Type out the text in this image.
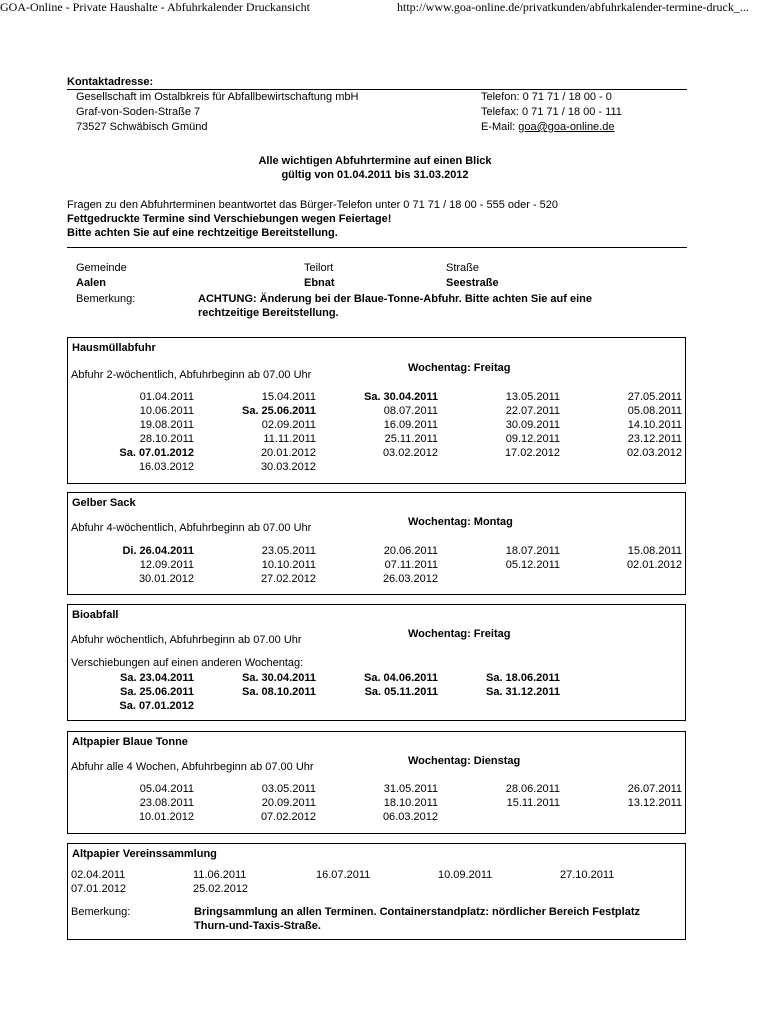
GOA-Online - Private Haushalte - Abfuhrkalender Druckansicht	http://www.goa-online.de/privatkunden/abfuhrkalender-termine-druck_...
Kontaktadresse:
Gesellschaft im Ostalbkreis für Abfallbewirtschaftung mbH
Graf-von-Soden-Straße 7
73527 Schwäbisch Gmünd
Telefon: 0 71 71 / 18 00 - 0
Telefax: 0 71 71 / 18 00 - 111
E-Mail: goa@goa-online.de
Alle wichtigen Abfuhrtermine auf einen Blick
gültig von 01.04.2011 bis 31.03.2012
Fragen zu den Abfuhrterminen beantwortet das Bürger-Telefon unter 0 71 71 / 18 00 - 555 oder - 520
Fettgedruckte Termine sind Verschiebungen wegen Feiertage!
Bitte achten Sie auf eine rechtzeitige Bereitstellung.
Gemeinde	Teilort	Straße
Aalen	Ebnat	Seestraße
Bemerkung:	ACHTUNG: Änderung bei der Blaue-Tonne-Abfuhr. Bitte achten Sie auf eine
rechtzeitige Bereitstellung.
Hausmüllabfuhr
Abfuhr 2-wöchentlich, Abfuhrbeginn ab 07.00 Uhr
Wochentag: Freitag
01.04.2011	15.04.2011	Sa. 30.04.2011	13.05.2011	27.05.2011
10.06.2011	Sa. 25.06.2011	08.07.2011	22.07.2011	05.08.2011
19.08.2011	02.09.2011	16.09.2011	30.09.2011	14.10.2011
28.10.2011	11.11.2011	25.11.2011	09.12.2011	23.12.2011
Sa. 07.01.2012	20.01.2012	03.02.2012	17.02.2012	02.03.2012
16.03.2012	30.03.2012
Gelber Sack
Abfuhr 4-wöchentlich, Abfuhrbeginn ab 07.00 Uhr	Wochentag: Montag
Di. 26.04.2011	23.05.2011	20.06.2011	18.07.2011	15.08.2011
12.09.2011	10.10.2011	07.11.2011	05.12.2011	02.01.2012
30.01.2012	27.02.2012	26.03.2012
Bioabfall
Abfuhr wöchentlich, Abfuhrbeginn ab 07.00 Uhr	Wochentag: Freitag
Verschiebungen auf einen anderen Wochentag:
Sa. 23.04.2011	Sa. 30.04.2011	Sa. 04.06.2011	Sa. 18.06.2011
Sa. 25.06.2011	Sa. 08.10.2011	Sa. 05.11.2011	Sa. 31.12.2011
Sa. 07.01.2012
Altpapier Blaue Tonne
Abfuhr alle 4 Wochen, Abfuhrbeginn ab 07.00 Uhr	Wochentag: Dienstag
05.04.2011	03.05.2011	31.05.2011	28.06.2011	26.07.2011
23.08.2011	20.09.2011	18.10.2011	15.11.2011	13.12.2011
10.01.2012	07.02.2012	06.03.2012
Altpapier Vereinssammlung
02.04.2011	11.06.2011	16.07.2011	10.09.2011	27.10.2011
07.01.2012	25.02.2012
Bemerkung:	Bringsammlung an allen Terminen. Containerstandplatz: nördlicher Bereich Festplatz
Thurn-und-Taxis-Straße.
